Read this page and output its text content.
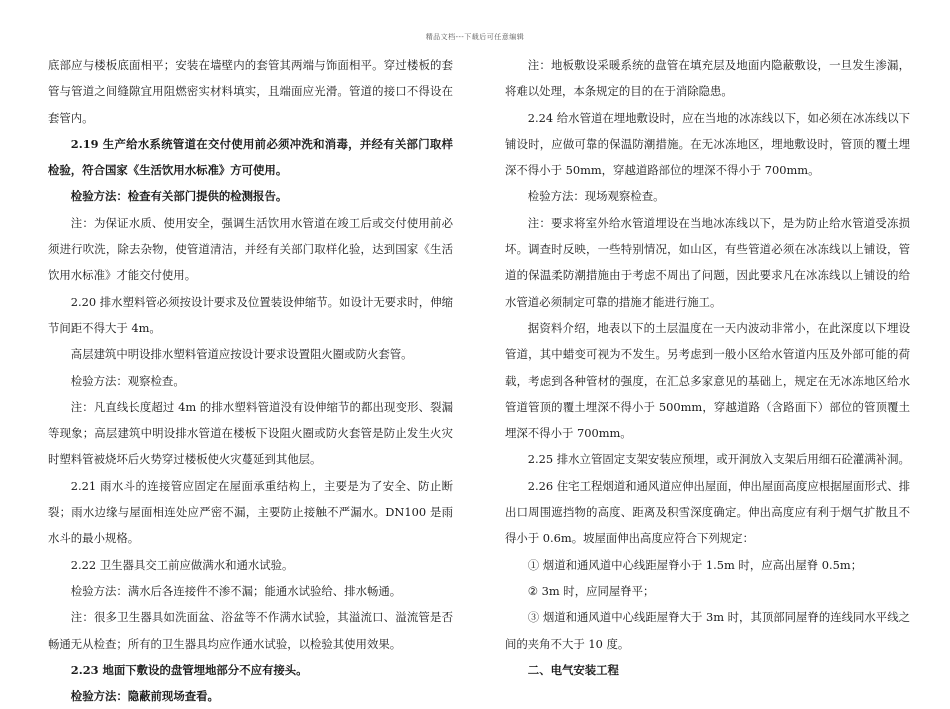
精品文档---下载后可任意编辑

底部应与楼板底面相平；安装在墙壁内的套管其两端与饰面相平。穿过楼板的套管与管道之间缝隙宜用阻燃密实材料填实，且端面应光滑。管道的接口不得设在套管内。

2.19 生产给水系统管道在交付使用前必须冲洗和消毒，并经有关部门取样检验，符合国家《生活饮用水标准》方可使用。

检验方法：检查有关部门提供的检测报告。

注：为保证水质、使用安全，强调生活饮用水管道在竣工后或交付使用前必须进行吹洗，除去杂物，使管道清洁，并经有关部门取样化验，达到国家《生活饮用水标准》才能交付使用。

2.20 排水塑料管必须按设计要求及位置装设伸缩节。如设计无要求时，伸缩节间距不得大于 4m。

高层建筑中明设排水塑料管道应按设计要求设置阻火圈或防火套管。

检验方法：观察检查。

注：凡直线长度超过 4m 的排水塑料管道没有设伸缩节的都出现变形、裂漏等现象；高层建筑中明设排水管道在楼板下设阻火圈或防火套管是防止发生火灾时塑料管被烧坏后火势穿过楼板使火灾蔓延到其他层。

2.21 雨水斗的连接管应固定在屋面承重结构上，主要是为了安全、防止断裂；雨水边缘与屋面相连处应严密不漏，主要防止接触不严漏水。DN100 是雨水斗的最小规格。

2.22 卫生器具交工前应做满水和通水试验。

检验方法：满水后各连接件不渗不漏；能通水试验给、排水畅通。

注：很多卫生器具如洗面盆、浴盆等不作满水试验，其溢流口、溢流管是否畅通无从检查；所有的卫生器具均应作通水试验，以检验其使用效果。

2.23 地面下敷设的盘管埋地部分不应有接头。

检验方法：隐蔽前现场查看。

注：地板敷设采暖系统的盘管在填充层及地面内隐蔽敷设，一旦发生渗漏，将难以处理，本条规定的目的在于消除隐患。

2.24 给水管道在埋地敷设时，应在当地的冰冻线以下，如必须在冰冻线以下铺设时，应做可靠的保温防潮措施。在无冰冻地区，埋地敷设时，管顶的覆土埋深不得小于 50mm，穿越道路部位的埋深不得小于 700mm。

检验方法：现场观察检查。

注：要求将室外给水管道埋设在当地冰冻线以下，是为防止给水管道受冻损坏。调查时反映，一些特别情况，如山区，有些管道必须在冰冻线以上铺设，管道的保温柔防潮措施由于考虑不周出了问题，因此要求凡在冰冻线以上铺设的给水管道必须制定可靠的措施才能进行施工。

据资料介绍，地表以下的土层温度在一天内波动非常小，在此深度以下埋设管道，其中蜡变可视为不发生。另考虑到一般小区给水管道内压及外部可能的荷载，考虑到各种管材的强度，在汇总多家意见的基础上，规定在无冰冻地区给水管道管顶的覆土埋深不得小于 500mm，穿越道路（含路面下）部位的管顶覆土埋深不得小于 700mm。

2.25 排水立管固定支架安装应预埋，或开洞放入支架后用细石砼灌满补洞。

2.26 住宅工程烟道和通风道应伸出屋面，伸出屋面高度应根据屋面形式、排出口周围遮挡物的高度、距离及积雪深度确定。伸出高度应有利于烟气扩散且不得小于 0.6m。坡屋面伸出高度应符合下列规定：

① 烟道和通风道中心线距屋脊小于 1.5m 时，应高出屋脊 0.5m；

② 3m 时，应同屋脊平；

③ 烟道和通风道中心线距屋脊大于 3m 时，其顶部同屋脊的连线同水平线之间的夹角不大于 10 度。

二、电气安装工程
